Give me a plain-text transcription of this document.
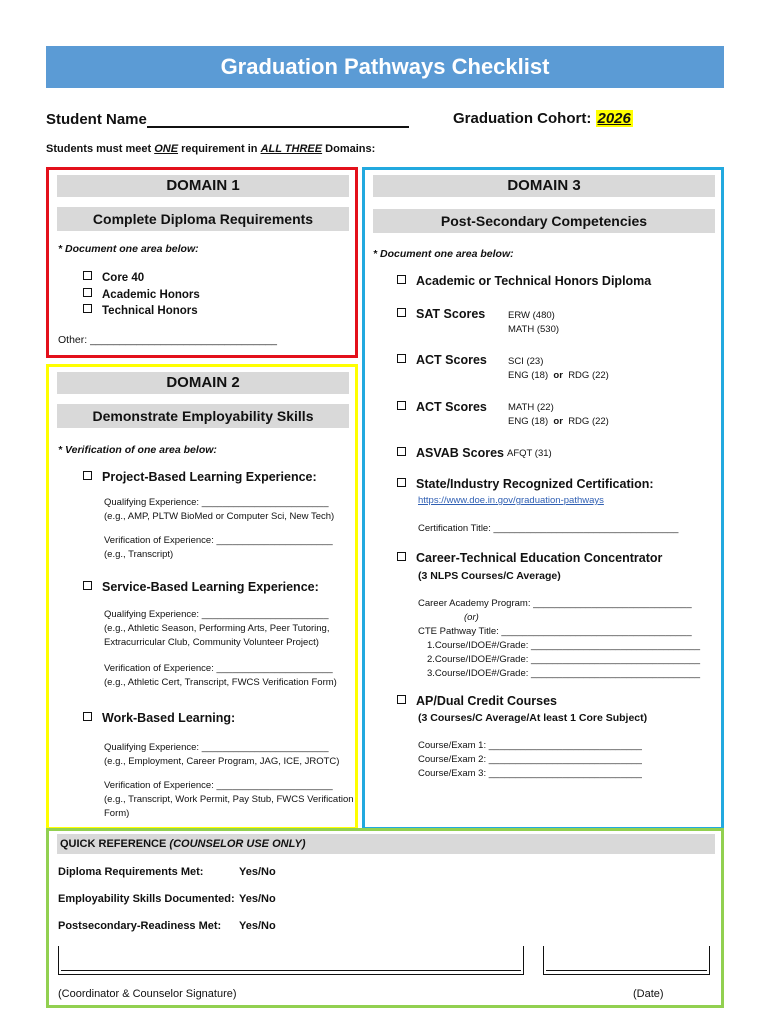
Graduation Pathways Checklist
Student Name	Graduation Cohort: 2026
Students must meet ONE requirement in ALL THREE Domains:
DOMAIN 1
Complete Diploma Requirements
* Document one area below:
Core 40
Academic Honors
Technical Honors
Other: ________________________________
DOMAIN 2
Demonstrate Employability Skills
* Verification of one area below:
Project-Based Learning Experience:
Qualifying Experience: ________________________
(e.g., AMP, PLTW BioMed or Computer Sci, New Tech)
Verification of Experience: ______________________
(e.g., Transcript)
Service-Based Learning Experience:
Qualifying Experience: ________________________
(e.g., Athletic Season, Performing Arts, Peer Tutoring,
Extracurricular Club, Community Volunteer Project)
Verification of Experience: ______________________
(e.g., Athletic Cert, Transcript, FWCS Verification Form)
Work-Based Learning:
Qualifying Experience: ________________________
(e.g., Employment, Career Program, JAG, ICE, JROTC)
Verification of Experience: ______________________
(e.g., Transcript, Work Permit, Pay Stub, FWCS Verification
Form)
DOMAIN 3
Post-Secondary Competencies
* Document one area below:
Academic or Technical Honors Diploma
SAT Scores ERW (480)
MATH (530)
ACT Scores SCI (23)
ENG (18) or RDG (22)
ACT Scores MATH (22)
ENG (18) or RDG (22)
ASVAB Scores AFQT (31)
State/Industry Recognized Certification:
https://www.doe.in.gov/graduation-pathways
Certification Title: ___________________________________
Career-Technical Education Concentrator
(3 NLPS Courses/C Average)
Career Academy Program: ______________________________
(or)
CTE Pathway Title: ____________________________________
1.Course/IDOE#/Grade: ________________________________
2.Course/IDOE#/Grade: ________________________________
3.Course/IDOE#/Grade: ________________________________
AP/Dual Credit Courses
(3 Courses/C Average/At least 1 Core Subject)
Course/Exam 1: _____________________________
Course/Exam 2: _____________________________
Course/Exam 3: _____________________________
QUICK REFERENCE (COUNSELOR USE ONLY)
Diploma Requirements Met:	Yes/No
Employability Skills Documented: Yes/No
Postsecondary-Readiness Met: Yes/No
(Coordinator & Counselor Signature)	(Date)
